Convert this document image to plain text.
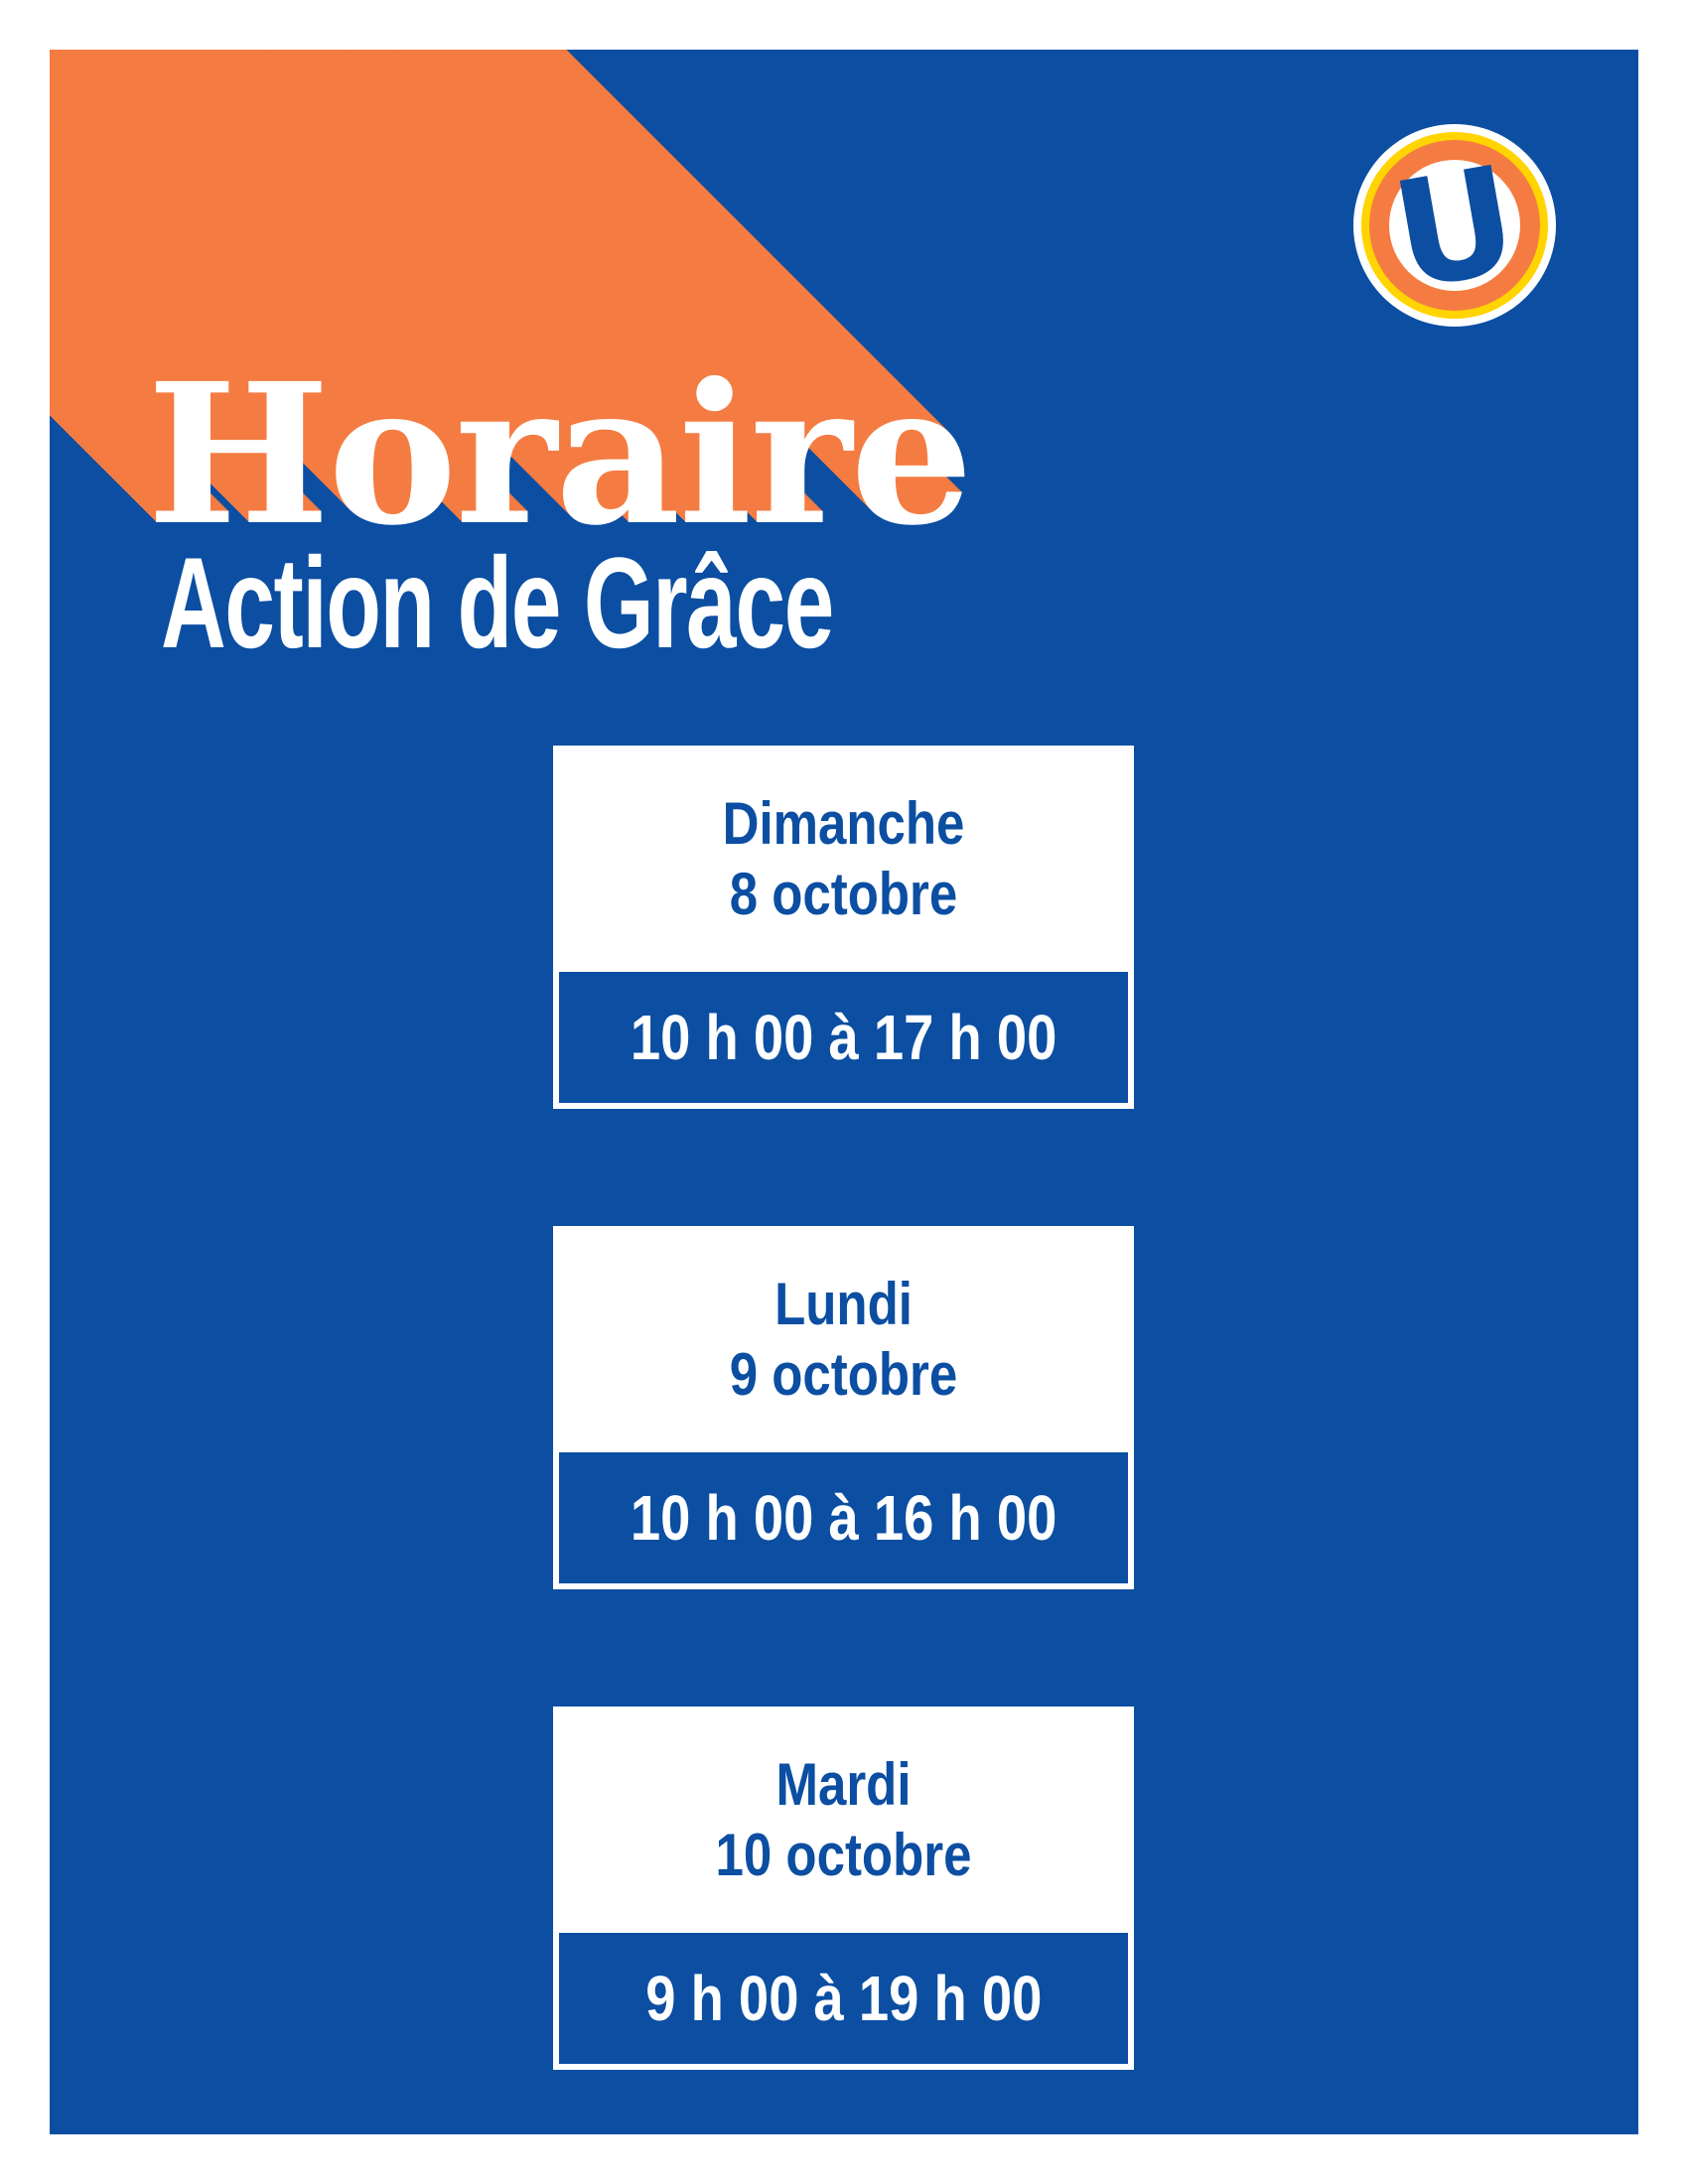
Horaire
Action de Grâce
U
Dimanche
8 octobre
10 h 00 à 17 h 00
Lundi
9 octobre
10 h 00 à 16 h 00
Mardi
10 octobre
9 h 00 à 19 h 00
